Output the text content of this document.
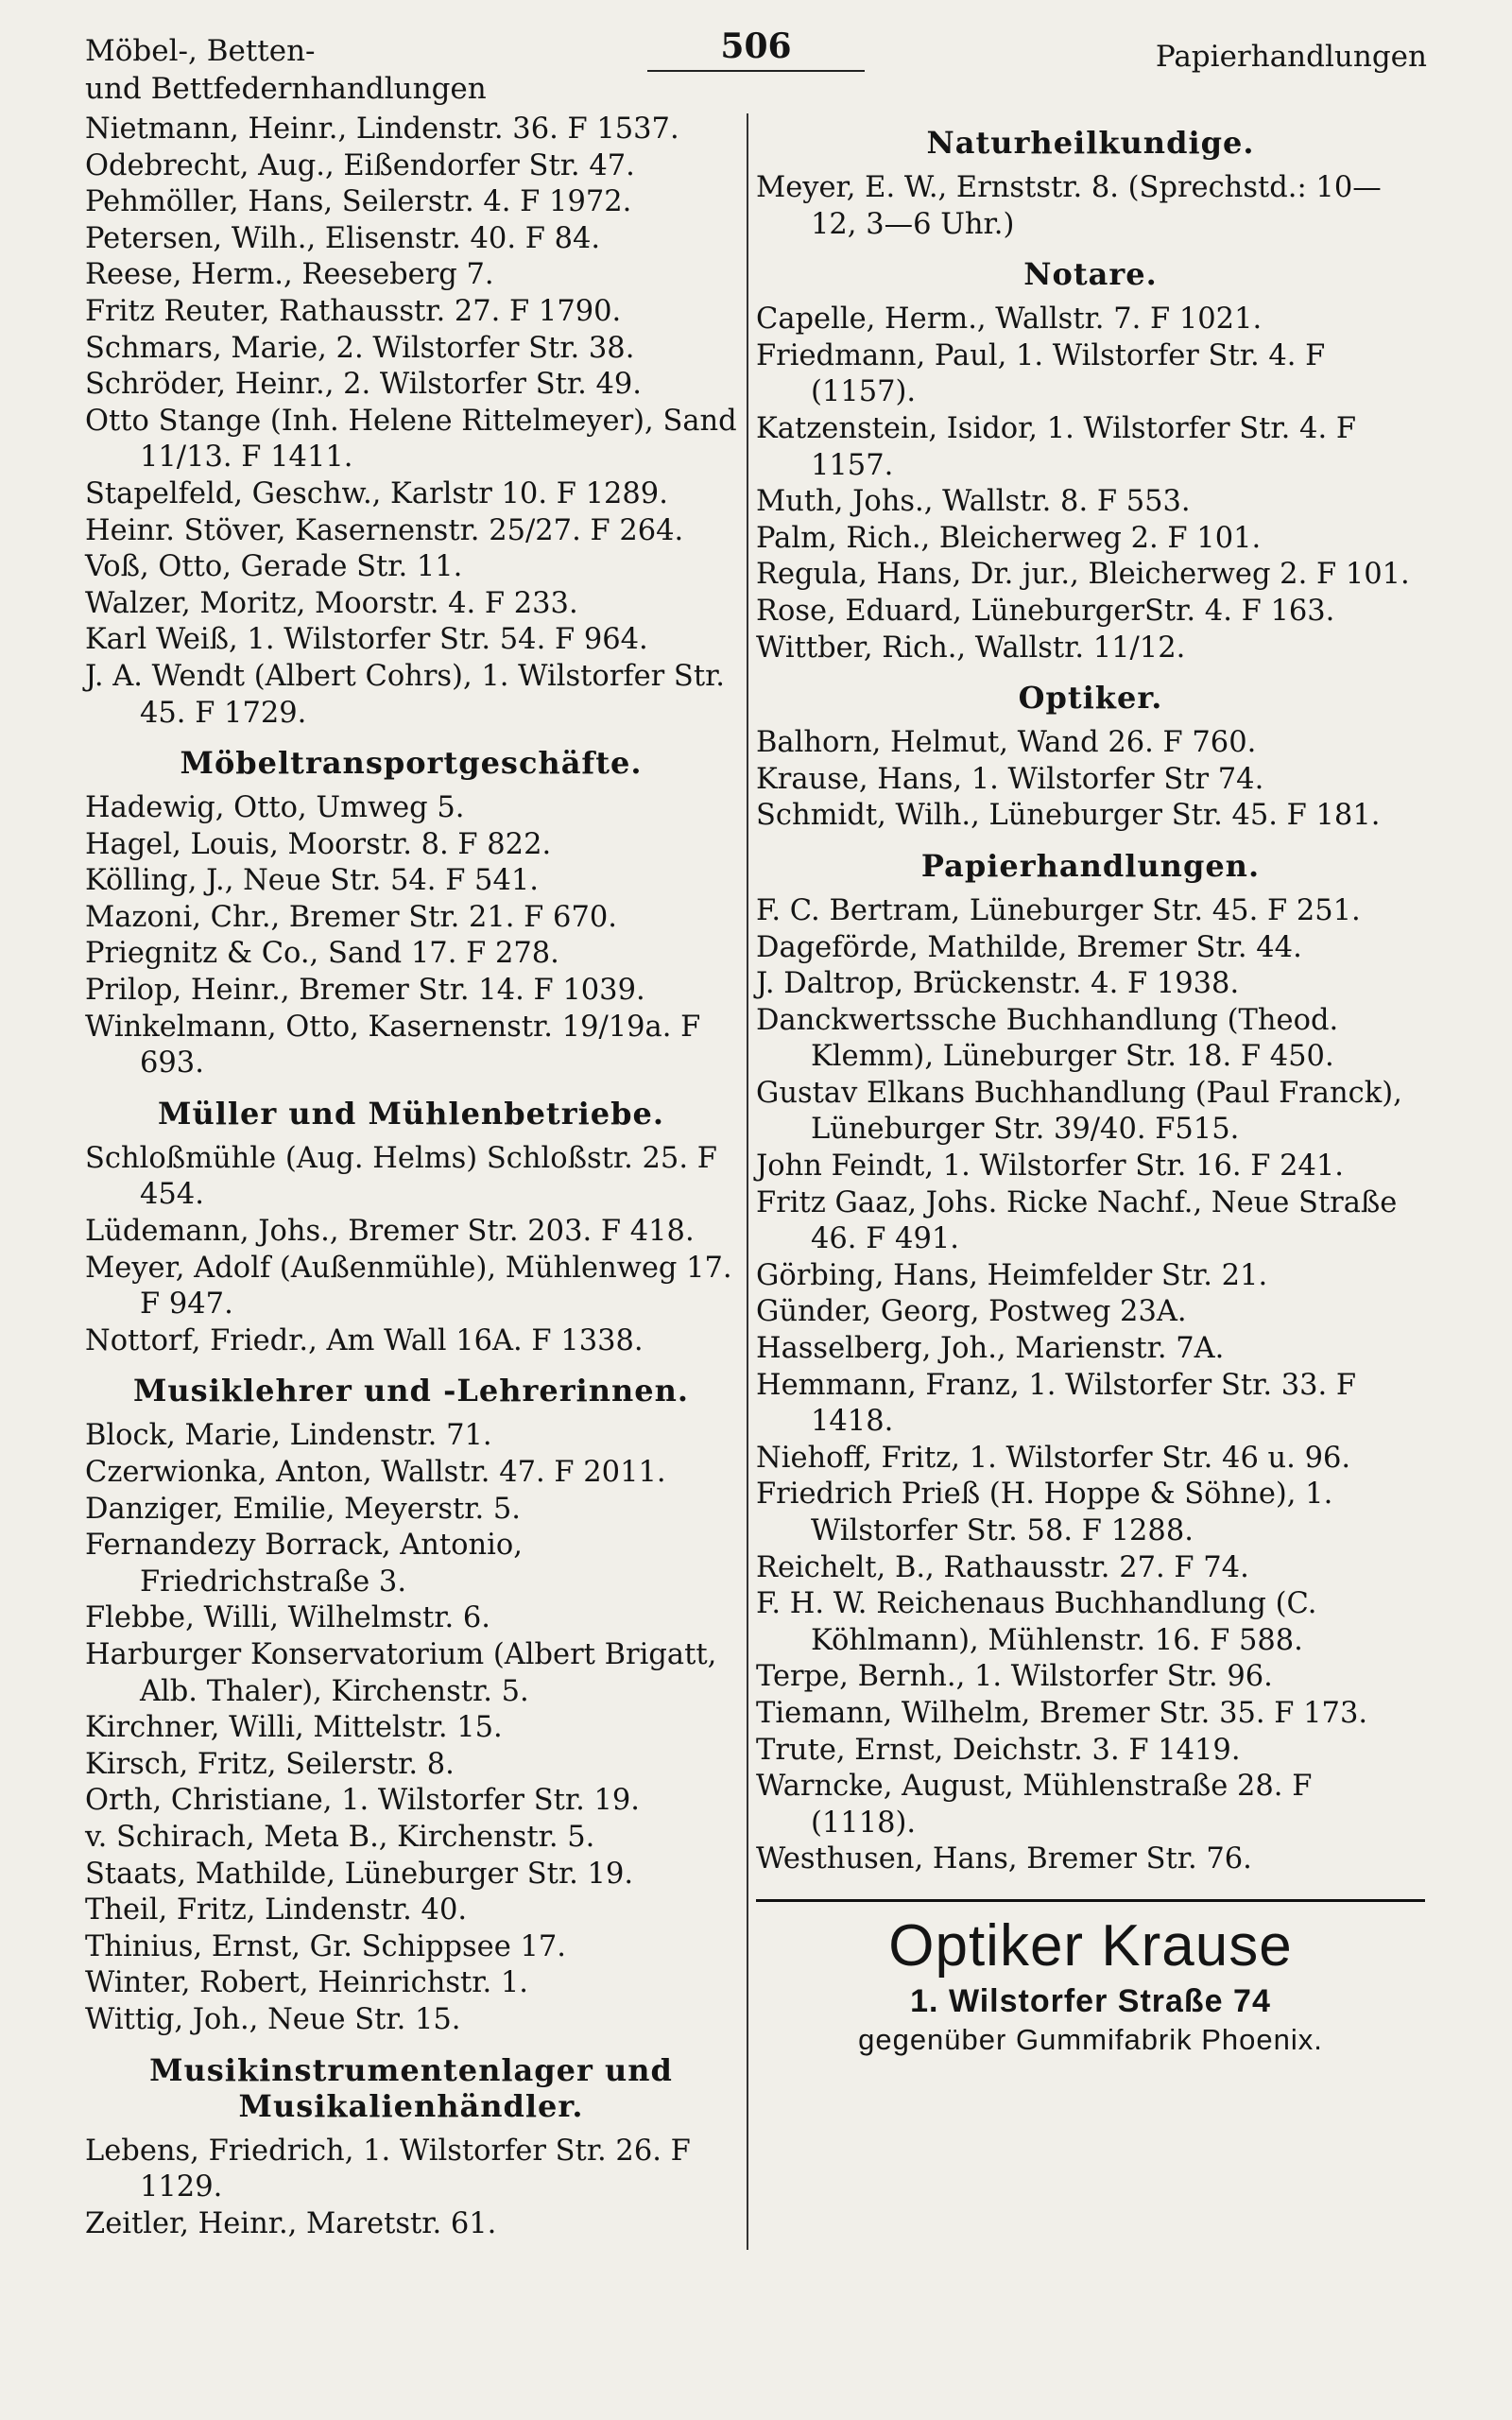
Möbel-, Betten-
und Bettfedernhandlungen
506	Papierhandlungen
Nietmann, Heinr., Lindenstr. 36. F 1537.
Odebrecht, Aug., Eißendorfer Str. 47.
Pehmöller, Hans, Seilerstr. 4. F 1972.
Petersen, Wilh., Elisenstr. 40. F 84.
Reese, Herm., Reeseberg 7.
Fritz Reuter, Rathausstr. 27. F 1790.
Schmars, Marie, 2. Wilstorfer Str. 38.
Schröder, Heinr., 2. Wilstorfer Str. 49.
Otto Stange (Inh. Helene Rittelmeyer), Sand 11/13. F 1411.
Stapelfeld, Geschw., Karlstr 10. F 1289.
Heinr. Stöver, Kasernenstr. 25/27. F 264.
Voß, Otto, Gerade Str. 11.
Walzer, Moritz, Moorstr. 4. F 233.
Karl Weiß, 1. Wilstorfer Str. 54. F 964.
J. A. Wendt (Albert Cohrs), 1. Wilstorfer Str. 45. F 1729.
Möbeltransportgeschäfte.
Hadewig, Otto, Umweg 5.
Hagel, Louis, Moorstr. 8. F 822.
Kölling, J., Neue Str. 54. F 541.
Mazoni, Chr., Bremer Str. 21. F 670.
Priegnitz & Co., Sand 17. F 278.
Prilop, Heinr., Bremer Str. 14. F 1039.
Winkelmann, Otto, Kasernenstr. 19/19a. F 693.
Müller und Mühlenbetriebe.
Schloßmühle (Aug. Helms) Schloßstr. 25. F 454.
Lüdemann, Johs., Bremer Str. 203. F 418.
Meyer, Adolf (Außenmühle), Mühlenweg 17. F 947.
Nottorf, Friedr., Am Wall 16A. F 1338.
Musiklehrer und -Lehrerinnen.
Block, Marie, Lindenstr. 71.
Czerwionka, Anton, Wallstr. 47. F 2011.
Danziger, Emilie, Meyerstr. 5.
Fernandezy Borrack, Antonio, Friedrichstraße 3.
Flebbe, Willi, Wilhelmstr. 6.
Harburger Konservatorium (Albert Brigatt, Alb. Thaler), Kirchenstr. 5.
Kirchner, Willi, Mittelstr. 15.
Kirsch, Fritz, Seilerstr. 8.
Orth, Christiane, 1. Wilstorfer Str. 19.
v. Schirach, Meta B., Kirchenstr. 5.
Staats, Mathilde, Lüneburger Str. 19.
Theil, Fritz, Lindenstr. 40.
Thinius, Ernst, Gr. Schippsee 17.
Winter, Robert, Heinrichstr. 1.
Wittig, Joh., Neue Str. 15.
Musikinstrumentenlager und Musikalienhändler.
Lebens, Friedrich, 1. Wilstorfer Str. 26. F 1129.
Zeitler, Heinr., Maretstr. 61.
Naturheilkundige.
Meyer, E. W., Ernststr. 8. (Sprechstd.: 10—12, 3—6 Uhr.)
Notare.
Capelle, Herm., Wallstr. 7. F 1021.
Friedmann, Paul, 1. Wilstorfer Str. 4. F (1157).
Katzenstein, Isidor, 1. Wilstorfer Str. 4. F 1157.
Muth, Johs., Wallstr. 8. F 553.
Palm, Rich., Bleicherweg 2. F 101.
Regula, Hans, Dr. jur., Bleicherweg 2. F 101.
Rose, Eduard, LüneburgerStr. 4. F 163.
Wittber, Rich., Wallstr. 11/12.
Optiker.
Balhorn, Helmut, Wand 26. F 760.
Krause, Hans, 1. Wilstorfer Str 74.
Schmidt, Wilh., Lüneburger Str. 45. F 181.
Papierhandlungen.
F. C. Bertram, Lüneburger Str. 45. F 251.
Dageförde, Mathilde, Bremer Str. 44.
J. Daltrop, Brückenstr. 4. F 1938.
Danckwertssche Buchhandlung (Theod. Klemm), Lüneburger Str. 18. F 450.
Gustav Elkans Buchhandlung (Paul Franck), Lüneburger Str. 39/40. F515.
John Feindt, 1. Wilstorfer Str. 16. F 241.
Fritz Gaaz, Johs. Ricke Nachf., Neue Straße 46. F 491.
Görbing, Hans, Heimfelder Str. 21.
Günder, Georg, Postweg 23A.
Hasselberg, Joh., Marienstr. 7A.
Hemmann, Franz, 1. Wilstorfer Str. 33. F 1418.
Niehoff, Fritz, 1. Wilstorfer Str. 46 u. 96.
Friedrich Prieß (H. Hoppe & Söhne), 1. Wilstorfer Str. 58. F 1288.
Reichelt, B., Rathausstr. 27. F 74.
F. H. W. Reichenaus Buchhandlung (C. Köhlmann), Mühlenstr. 16. F 588.
Terpe, Bernh., 1. Wilstorfer Str. 96.
Tiemann, Wilhelm, Bremer Str. 35. F 173.
Trute, Ernst, Deichstr. 3. F 1419.
Warncke, August, Mühlenstraße 28. F (1118).
Westhusen, Hans, Bremer Str. 76.
Optiker Krause
1. Wilstorfer Straße 74
gegenüber Gummifabrik Phoenix.
